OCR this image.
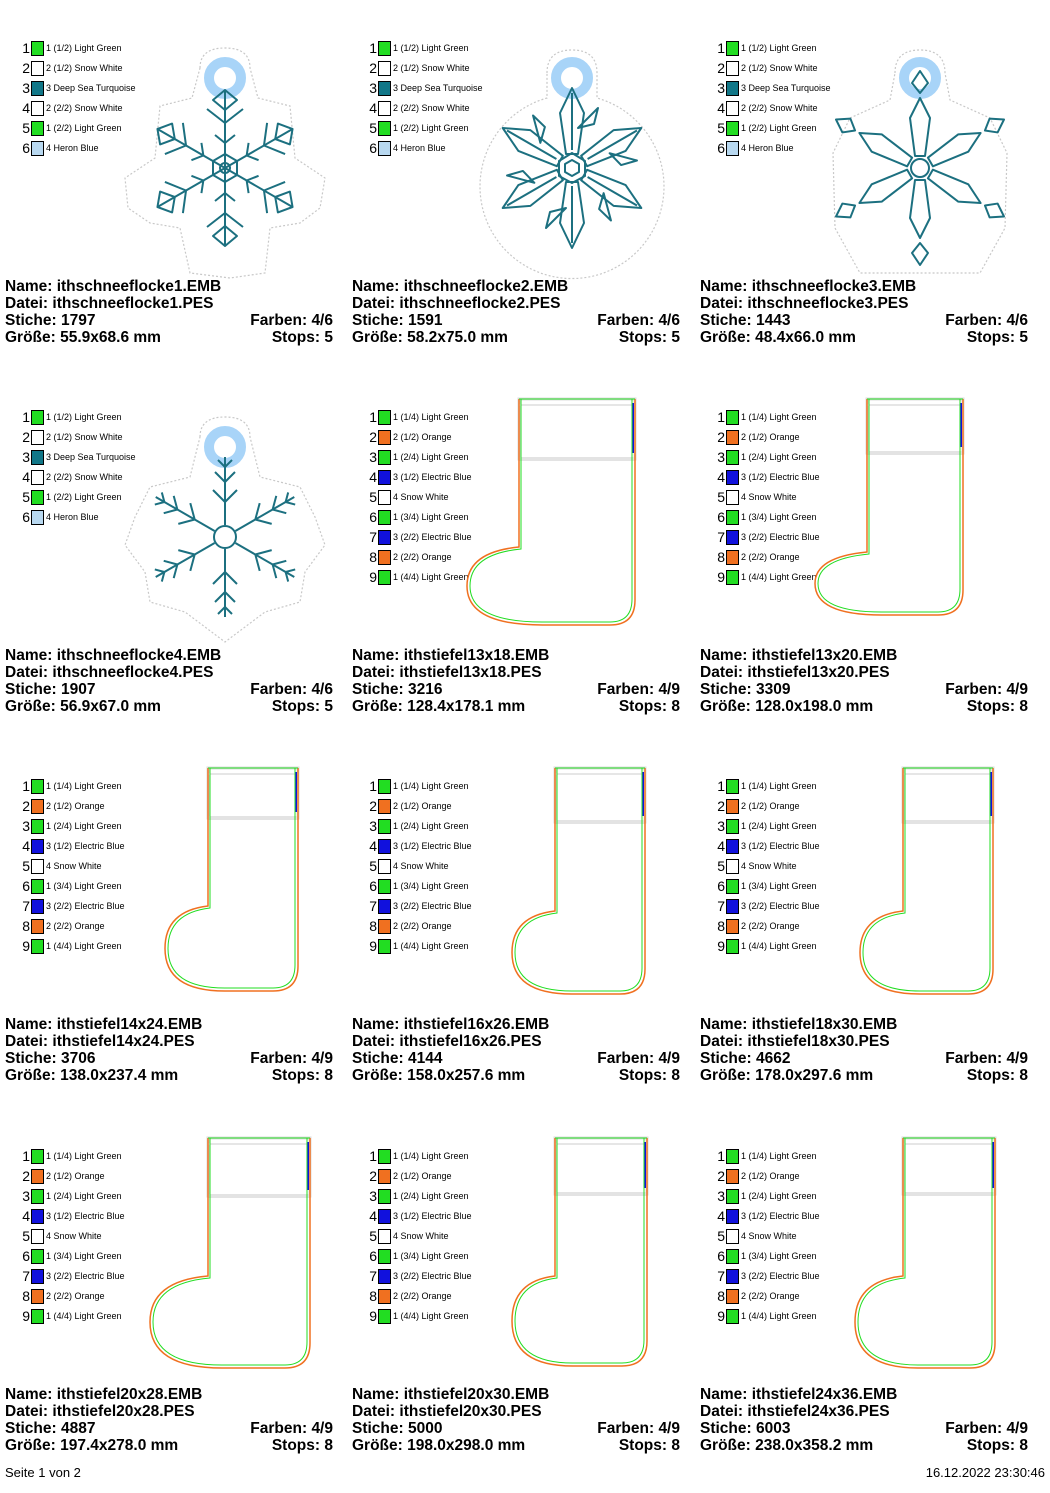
1 1 (1/2) Light Green
2 2 (1/2) Snow White
3 3 Deep Sea Turquoise
4 2 (2/2) Snow White
5 1 (2/2) Light Green
6 4 Heron Blue
Name: ithschneeflocke1.EMB
Datei: ithschneeflocke1.PES
Stiche: 1797	Farben: 4/6
Größe: 55.9x68.6 mm	Stops: 5
1 1 (1/2) Light Green
2 2 (1/2) Snow White
3 3 Deep Sea Turquoise
4 2 (2/2) Snow White
5 1 (2/2) Light Green
6 4 Heron Blue
Name: ithschneeflocke2.EMB
Datei: ithschneeflocke2.PES
Stiche: 1591	Farben: 4/6
Größe: 58.2x75.0 mm	Stops: 5
1 1 (1/2) Light Green
2 2 (1/2) Snow White
3 3 Deep Sea Turquoise
4 2 (2/2) Snow White
5 1 (2/2) Light Green
6 4 Heron Blue
Name: ithschneeflocke3.EMB
Datei: ithschneeflocke3.PES
Stiche: 1443	Farben: 4/6
Größe: 48.4x66.0 mm	Stops: 5
1 1 (1/2) Light Green
2 2 (1/2) Snow White
3 3 Deep Sea Turquoise
4 2 (2/2) Snow White
5 1 (2/2) Light Green
6 4 Heron Blue
Name: ithschneeflocke4.EMB
Datei: ithschneeflocke4.PES
Stiche: 1907	Farben: 4/6
Größe: 56.9x67.0 mm	Stops: 5
1 1 (1/4) Light Green
2 2 (1/2) Orange
3 1 (2/4) Light Green
4 3 (1/2) Electric Blue
5 4 Snow White
6 1 (3/4) Light Green
7 3 (2/2) Electric Blue
8 2 (2/2) Orange
9 1 (4/4) Light Green
Name: ithstiefel13x18.EMB
Datei: ithstiefel13x18.PES
Stiche: 3216	Farben: 4/9
Größe: 128.4x178.1 mm	Stops: 8
1 1 (1/4) Light Green
2 2 (1/2) Orange
3 1 (2/4) Light Green
4 3 (1/2) Electric Blue
5 4 Snow White
6 1 (3/4) Light Green
7 3 (2/2) Electric Blue
8 2 (2/2) Orange
9 1 (4/4) Light Green
Name: ithstiefel13x20.EMB
Datei: ithstiefel13x20.PES
Stiche: 3309	Farben: 4/9
Größe: 128.0x198.0 mm	Stops: 8
1 1 (1/4) Light Green
2 2 (1/2) Orange
3 1 (2/4) Light Green
4 3 (1/2) Electric Blue
5 4 Snow White
6 1 (3/4) Light Green
7 3 (2/2) Electric Blue
8 2 (2/2) Orange
9 1 (4/4) Light Green
Name: ithstiefel14x24.EMB
Datei: ithstiefel14x24.PES
Stiche: 3706	Farben: 4/9
Größe: 138.0x237.4 mm	Stops: 8
1 1 (1/4) Light Green
2 2 (1/2) Orange
3 1 (2/4) Light Green
4 3 (1/2) Electric Blue
5 4 Snow White
6 1 (3/4) Light Green
7 3 (2/2) Electric Blue
8 2 (2/2) Orange
9 1 (4/4) Light Green
Name: ithstiefel16x26.EMB
Datei: ithstiefel16x26.PES
Stiche: 4144	Farben: 4/9
Größe: 158.0x257.6 mm	Stops: 8
1 1 (1/4) Light Green
2 2 (1/2) Orange
3 1 (2/4) Light Green
4 3 (1/2) Electric Blue
5 4 Snow White
6 1 (3/4) Light Green
7 3 (2/2) Electric Blue
8 2 (2/2) Orange
9 1 (4/4) Light Green
Name: ithstiefel18x30.EMB
Datei: ithstiefel18x30.PES
Stiche: 4662	Farben: 4/9
Größe: 178.0x297.6 mm	Stops: 8
1 1 (1/4) Light Green
2 2 (1/2) Orange
3 1 (2/4) Light Green
4 3 (1/2) Electric Blue
5 4 Snow White
6 1 (3/4) Light Green
7 3 (2/2) Electric Blue
8 2 (2/2) Orange
9 1 (4/4) Light Green
Name: ithstiefel20x28.EMB
Datei: ithstiefel20x28.PES
Stiche: 4887	Farben: 4/9
Größe: 197.4x278.0 mm	Stops: 8
1 1 (1/4) Light Green
2 2 (1/2) Orange
3 1 (2/4) Light Green
4 3 (1/2) Electric Blue
5 4 Snow White
6 1 (3/4) Light Green
7 3 (2/2) Electric Blue
8 2 (2/2) Orange
9 1 (4/4) Light Green
Name: ithstiefel20x30.EMB
Datei: ithstiefel20x30.PES
Stiche: 5000	Farben: 4/9
Größe: 198.0x298.0 mm	Stops: 8
1 1 (1/4) Light Green
2 2 (1/2) Orange
3 1 (2/4) Light Green
4 3 (1/2) Electric Blue
5 4 Snow White
6 1 (3/4) Light Green
7 3 (2/2) Electric Blue
8 2 (2/2) Orange
9 1 (4/4) Light Green
Name: ithstiefel24x36.EMB
Datei: ithstiefel24x36.PES
Stiche: 6003	Farben: 4/9
Größe: 238.0x358.2 mm	Stops: 8
Seite 1 von 2	16.12.2022 23:30:46
